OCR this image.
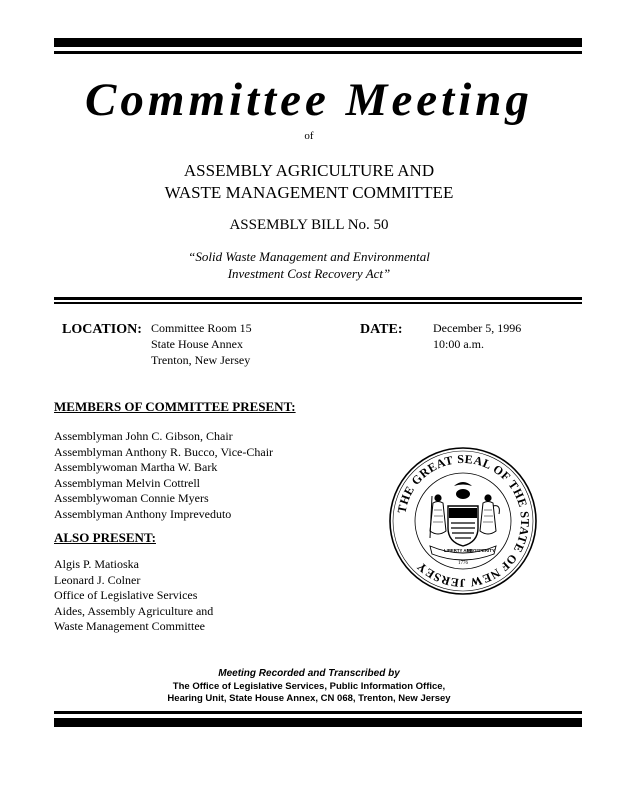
Committee Meeting
of
ASSEMBLY AGRICULTURE AND
WASTE MANAGEMENT COMMITTEE
ASSEMBLY BILL No. 50
“Solid Waste Management and Environmental
Investment Cost Recovery Act”
LOCATION: Committee Room 15
State House Annex
Trenton, New Jersey
DATE:	December 5, 1996
10:00 a.m.
MEMBERS OF COMMITTEE PRESENT:
Assemblyman John C. Gibson, Chair
Assemblyman Anthony R. Bucco, Vice-Chair
Assemblywoman Martha W. Bark
Assemblyman Melvin Cottrell
Assemblywoman Connie Myers
Assemblyman Anthony Impreveduto
ALSO PRESENT:
Algis P. Matioska
Leonard J. Colner
Office of Legislative Services
Aides, Assembly Agriculture and
Waste Management Committee
THE GREAT SEAL OF THE STATE OF NEW JERSEY
LIBERTY AND
PROSPERITY
1776
Meeting Recorded and Transcribed by
The Office of Legislative Services, Public Information Office,
Hearing Unit, State House Annex, CN 068, Trenton, New Jersey
